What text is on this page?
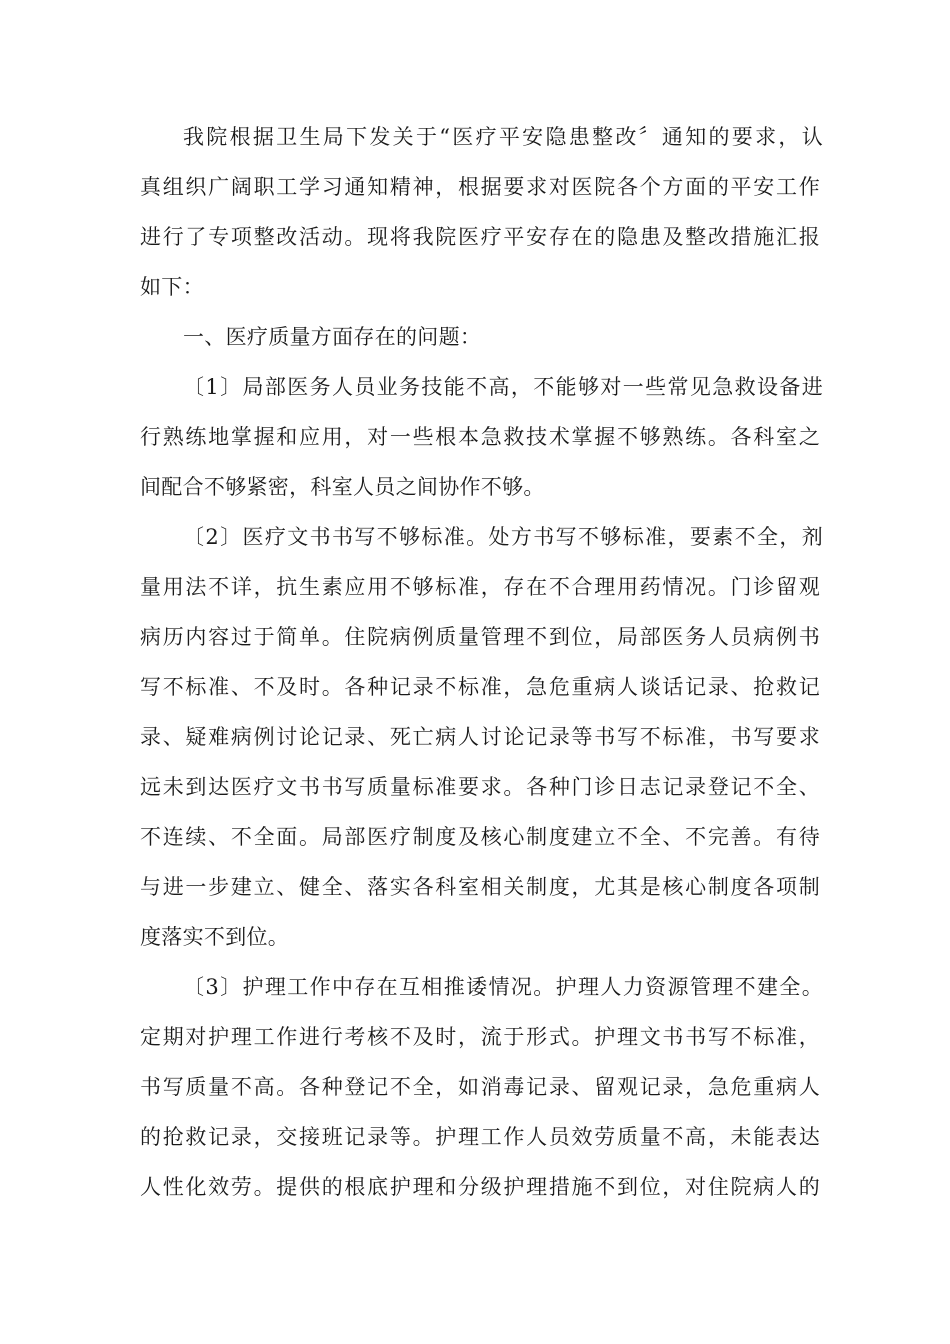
我院根据卫生局下发关于“医疗平安隐患整改〞通知的要求，认
真组织广阔职工学习通知精神，根据要求对医院各个方面的平安工作
进行了专项整改活动。现将我院医疗平安存在的隐患及整改措施汇报
如下：
一、医疗质量方面存在的问题：
〔1〕局部医务人员业务技能不高，不能够对一些常见急救设备进
行熟练地掌握和应用，对一些根本急救技术掌握不够熟练。各科室之
间配合不够紧密，科室人员之间协作不够。
〔2〕医疗文书书写不够标准。处方书写不够标准，要素不全，剂
量用法不详，抗生素应用不够标准，存在不合理用药情况。门诊留观
病历内容过于简单。住院病例质量管理不到位，局部医务人员病例书
写不标准、不及时。各种记录不标准，急危重病人谈话记录、抢救记
录、疑难病例讨论记录、死亡病人讨论记录等书写不标准，书写要求
远未到达医疗文书书写质量标准要求。各种门诊日志记录登记不全、
不连续、不全面。局部医疗制度及核心制度建立不全、不完善。有待
与进一步建立、健全、落实各科室相关制度，尤其是核心制度各项制
度落实不到位。
〔3〕护理工作中存在互相推诿情况。护理人力资源管理不建全。
定期对护理工作进行考核不及时，流于形式。护理文书书写不标准，
书写质量不高。各种登记不全，如消毒记录、留观记录，急危重病人
的抢救记录，交接班记录等。护理工作人员效劳质量不高，未能表达
人性化效劳。提供的根底护理和分级护理措施不到位，对住院病人的
